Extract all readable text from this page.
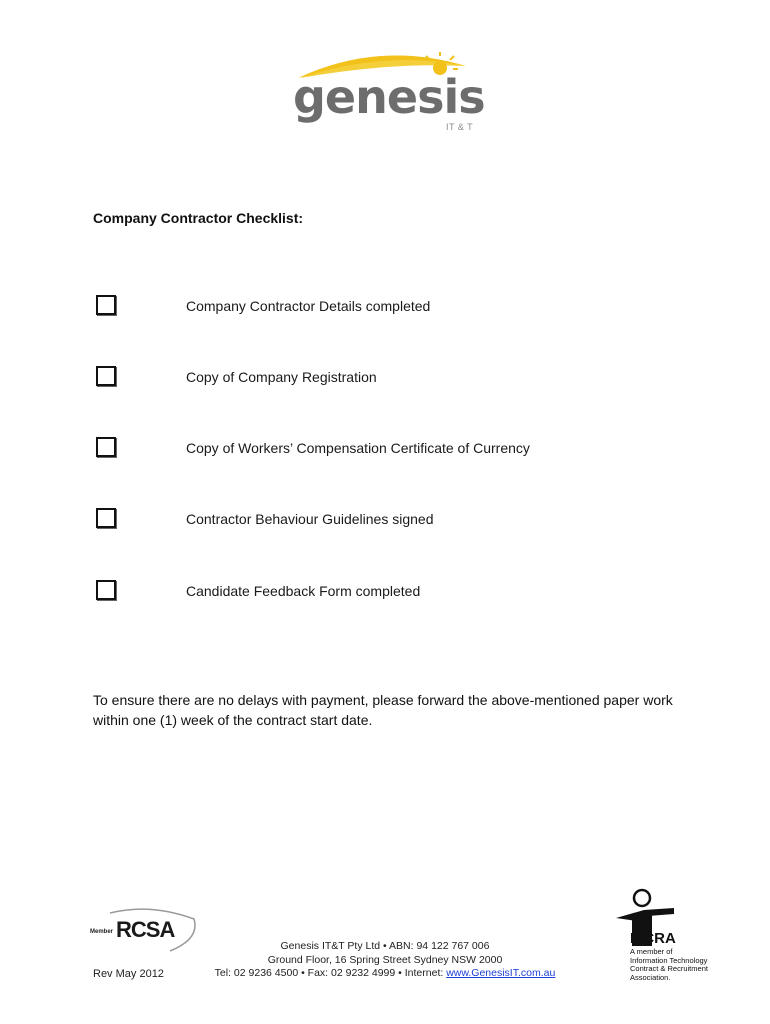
genesis
IT & T
Company Contractor Checklist:
Company Contractor Details completed
Copy of Company Registration
Copy of Workers’ Compensation Certificate of Currency
Contractor Behaviour Guidelines signed
Candidate Feedback Form completed
To ensure there are no delays with payment, please forward the above-mentioned paper work within one (1) week of the contract start date.
Member RCSA
Rev May 2012
Genesis IT&T Pty Ltd • ABN: 94 122 767 006
Ground Floor, 16 Spring Street Sydney NSW 2000
Tel: 02 9236 4500 • Fax: 02 9232 4999 • Internet: www.GenesisIT.com.au
ITCRA
A member of
Information Technology
Contract & Recruitment
Association.
